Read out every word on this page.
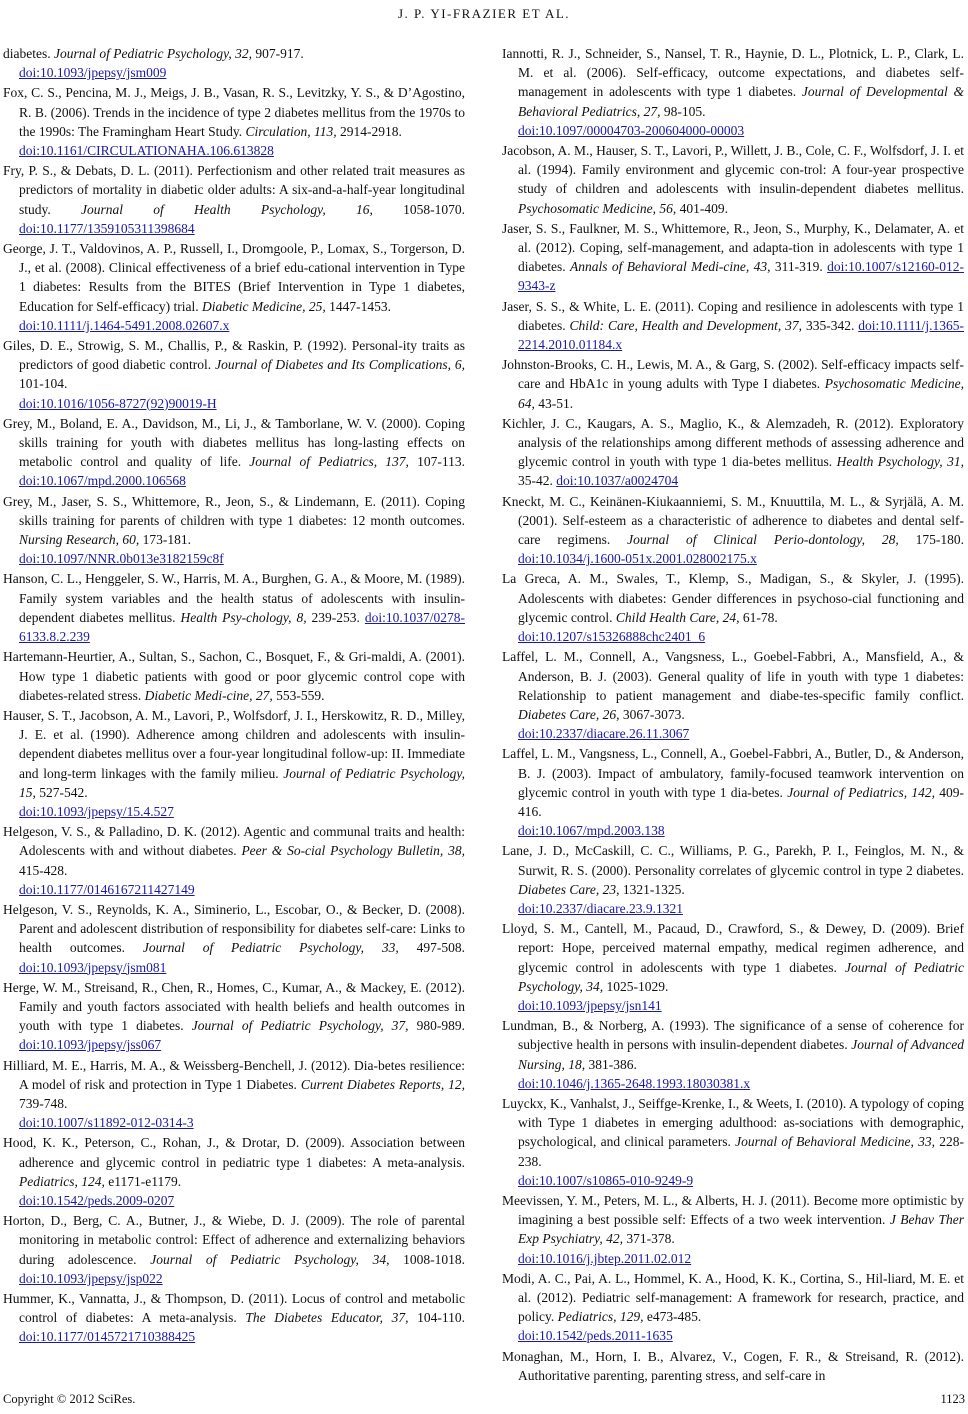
J. P. YI-FRAZIER ET AL.

diabetes. Journal of Pediatric Psychology, 32, 907-917.
doi:10.1093/jpepsy/jsm009

Fox, C. S., Pencina, M. J., Meigs, J. B., Vasan, R. S., Levitzky, Y. S., & D’Agostino, R. B. (2006). Trends in the incidence of type 2 diabetes mellitus from the 1970s to the 1990s: The Framingham Heart Study. Circulation, 113, 2914-2918.
doi:10.1161/CIRCULATIONAHA.106.613828

Fry, P. S., & Debats, D. L. (2011). Perfectionism and other related trait measures as predictors of mortality in diabetic older adults: A six-and-a-half-year longitudinal study. Journal of Health Psychology, 16, 1058-1070. doi:10.1177/1359105311398684

George, J. T., Valdovinos, A. P., Russell, I., Dromgoole, P., Lomax, S., Torgerson, D. J., et al. (2008). Clinical effectiveness of a brief edu-cational intervention in Type 1 diabetes: Results from the BITES (Brief Intervention in Type 1 diabetes, Education for Self-efficacy) trial. Diabetic Medicine, 25, 1447-1453.
doi:10.1111/j.1464-5491.2008.02607.x

Giles, D. E., Strowig, S. M., Challis, P., & Raskin, P. (1992). Personal-ity traits as predictors of good diabetic control. Journal of Diabetes and Its Complications, 6, 101-104.
doi:10.1016/1056-8727(92)90019-H

Grey, M., Boland, E. A., Davidson, M., Li, J., & Tamborlane, W. V. (2000). Coping skills training for youth with diabetes mellitus has long-lasting effects on metabolic control and quality of life. Journal of Pediatrics, 137, 107-113. doi:10.1067/mpd.2000.106568

Grey, M., Jaser, S. S., Whittemore, R., Jeon, S., & Lindemann, E. (2011). Coping skills training for parents of children with type 1 diabetes: 12 month outcomes. Nursing Research, 60, 173-181.
doi:10.1097/NNR.0b013e3182159c8f

Hanson, C. L., Henggeler, S. W., Harris, M. A., Burghen, G. A., & Moore, M. (1989). Family system variables and the health status of adolescents with insulin-dependent diabetes mellitus. Health Psy-chology, 8, 239-253. doi:10.1037/0278-6133.8.2.239

Hartemann-Heurtier, A., Sultan, S., Sachon, C., Bosquet, F., & Gri-maldi, A. (2001). How type 1 diabetic patients with good or poor glycemic control cope with diabetes-related stress. Diabetic Medi-cine, 27, 553-559.

Hauser, S. T., Jacobson, A. M., Lavori, P., Wolfsdorf, J. I., Herskowitz, R. D., Milley, J. E. et al. (1990). Adherence among children and adolescents with insulin-dependent diabetes mellitus over a four-year longitudinal follow-up: II. Immediate and long-term linkages with the family milieu. Journal of Pediatric Psychology, 15, 527-542.
doi:10.1093/jpepsy/15.4.527

Helgeson, V. S., & Palladino, D. K. (2012). Agentic and communal traits and health: Adolescents with and without diabetes. Peer & So-cial Psychology Bulletin, 38, 415-428.
doi:10.1177/0146167211427149

Helgeson, V. S., Reynolds, K. A., Siminerio, L., Escobar, O., & Becker, D. (2008). Parent and adolescent distribution of responsibility for diabetes self-care: Links to health outcomes. Journal of Pediatric Psychology, 33, 497-508. doi:10.1093/jpepsy/jsm081

Herge, W. M., Streisand, R., Chen, R., Homes, C., Kumar, A., & Mackey, E. (2012). Family and youth factors associated with health beliefs and health outcomes in youth with type 1 diabetes. Journal of Pediatric Psychology, 37, 980-989. doi:10.1093/jpepsy/jss067

Hilliard, M. E., Harris, M. A., & Weissberg-Benchell, J. (2012). Dia-betes resilience: A model of risk and protection in Type 1 Diabetes. Current Diabetes Reports, 12, 739-748.
doi:10.1007/s11892-012-0314-3

Hood, K. K., Peterson, C., Rohan, J., & Drotar, D. (2009). Association between adherence and glycemic control in pediatric type 1 diabetes: A meta-analysis. Pediatrics, 124, e1171-e1179.
doi:10.1542/peds.2009-0207

Horton, D., Berg, C. A., Butner, J., & Wiebe, D. J. (2009). The role of parental monitoring in metabolic control: Effect of adherence and externalizing behaviors during adolescence. Journal of Pediatric Psychology, 34, 1008-1018. doi:10.1093/jpepsy/jsp022

Hummer, K., Vannatta, J., & Thompson, D. (2011). Locus of control and metabolic control of diabetes: A meta-analysis. The Diabetes Educator, 37, 104-110. doi:10.1177/0145721710388425

Iannotti, R. J., Schneider, S., Nansel, T. R., Haynie, D. L., Plotnick, L. P., Clark, L. M. et al. (2006). Self-efficacy, outcome expectations, and diabetes self-management in adolescents with type 1 diabetes. Journal of Developmental & Behavioral Pediatrics, 27, 98-105.
doi:10.1097/00004703-200604000-00003

Jacobson, A. M., Hauser, S. T., Lavori, P., Willett, J. B., Cole, C. F., Wolfsdorf, J. I. et al. (1994). Family environment and glycemic con-trol: A four-year prospective study of children and adolescents with insulin-dependent diabetes mellitus. Psychosomatic Medicine, 56, 401-409.

Jaser, S. S., Faulkner, M. S., Whittemore, R., Jeon, S., Murphy, K., Delamater, A. et al. (2012). Coping, self-management, and adapta-tion in adolescents with type 1 diabetes. Annals of Behavioral Medi-cine, 43, 311-319. doi:10.1007/s12160-012-9343-z

Jaser, S. S., & White, L. E. (2011). Coping and resilience in adolescents with type 1 diabetes. Child: Care, Health and Development, 37, 335-342. doi:10.1111/j.1365-2214.2010.01184.x

Johnston-Brooks, C. H., Lewis, M. A., & Garg, S. (2002). Self-efficacy impacts self-care and HbA1c in young adults with Type I diabetes. Psychosomatic Medicine, 64, 43-51.

Kichler, J. C., Kaugars, A. S., Maglio, K., & Alemzadeh, R. (2012). Exploratory analysis of the relationships among different methods of assessing adherence and glycemic control in youth with type 1 dia-betes mellitus. Health Psychology, 31, 35-42. doi:10.1037/a0024704

Kneckt, M. C., Keinänen-Kiukaanniemi, S. M., Knuuttila, M. L., & Syrjälä, A. M. (2001). Self-esteem as a characteristic of adherence to diabetes and dental self-care regimens. Journal of Clinical Perio-dontology, 28, 175-180. doi:10.1034/j.1600-051x.2001.028002175.x

La Greca, A. M., Swales, T., Klemp, S., Madigan, S., & Skyler, J. (1995). Adolescents with diabetes: Gender differences in psychoso-cial functioning and glycemic control. Child Health Care, 24, 61-78.
doi:10.1207/s15326888chc2401_6

Laffel, L. M., Connell, A., Vangsness, L., Goebel-Fabbri, A., Mansfield, A., & Anderson, B. J. (2003). General quality of life in youth with type 1 diabetes: Relationship to patient management and diabe-tes-specific family conflict. Diabetes Care, 26, 3067-3073.
doi:10.2337/diacare.26.11.3067

Laffel, L. M., Vangsness, L., Connell, A., Goebel-Fabbri, A., Butler, D., & Anderson, B. J. (2003). Impact of ambulatory, family-focused teamwork intervention on glycemic control in youth with type 1 dia-betes. Journal of Pediatrics, 142, 409-416.
doi:10.1067/mpd.2003.138

Lane, J. D., McCaskill, C. C., Williams, P. G., Parekh, P. I., Feinglos, M. N., & Surwit, R. S. (2000). Personality correlates of glycemic control in type 2 diabetes. Diabetes Care, 23, 1321-1325.
doi:10.2337/diacare.23.9.1321

Lloyd, S. M., Cantell, M., Pacaud, D., Crawford, S., & Dewey, D. (2009). Brief report: Hope, perceived maternal empathy, medical regimen adherence, and glycemic control in adolescents with type 1 diabetes. Journal of Pediatric Psychology, 34, 1025-1029.
doi:10.1093/jpepsy/jsn141

Lundman, B., & Norberg, A. (1993). The significance of a sense of coherence for subjective health in persons with insulin-dependent diabetes. Journal of Advanced Nursing, 18, 381-386.
doi:10.1046/j.1365-2648.1993.18030381.x

Luyckx, K., Vanhalst, J., Seiffge-Krenke, I., & Weets, I. (2010). A typology of coping with Type 1 diabetes in emerging adulthood: as-sociations with demographic, psychological, and clinical parameters. Journal of Behavioral Medicine, 33, 228-238.
doi:10.1007/s10865-010-9249-9

Meevissen, Y. M., Peters, M. L., & Alberts, H. J. (2011). Become more optimistic by imagining a best possible self: Effects of a two week intervention. J Behav Ther Exp Psychiatry, 42, 371-378.
doi:10.1016/j.jbtep.2011.02.012

Modi, A. C., Pai, A. L., Hommel, K. A., Hood, K. K., Cortina, S., Hil-liard, M. E. et al. (2012). Pediatric self-management: A framework for research, practice, and policy. Pediatrics, 129, e473-485.
doi:10.1542/peds.2011-1635

Monaghan, M., Horn, I. B., Alvarez, V., Cogen, F. R., & Streisand, R. (2012). Authoritative parenting, parenting stress, and self-care in

Copyright © 2012 SciRes.	1123
